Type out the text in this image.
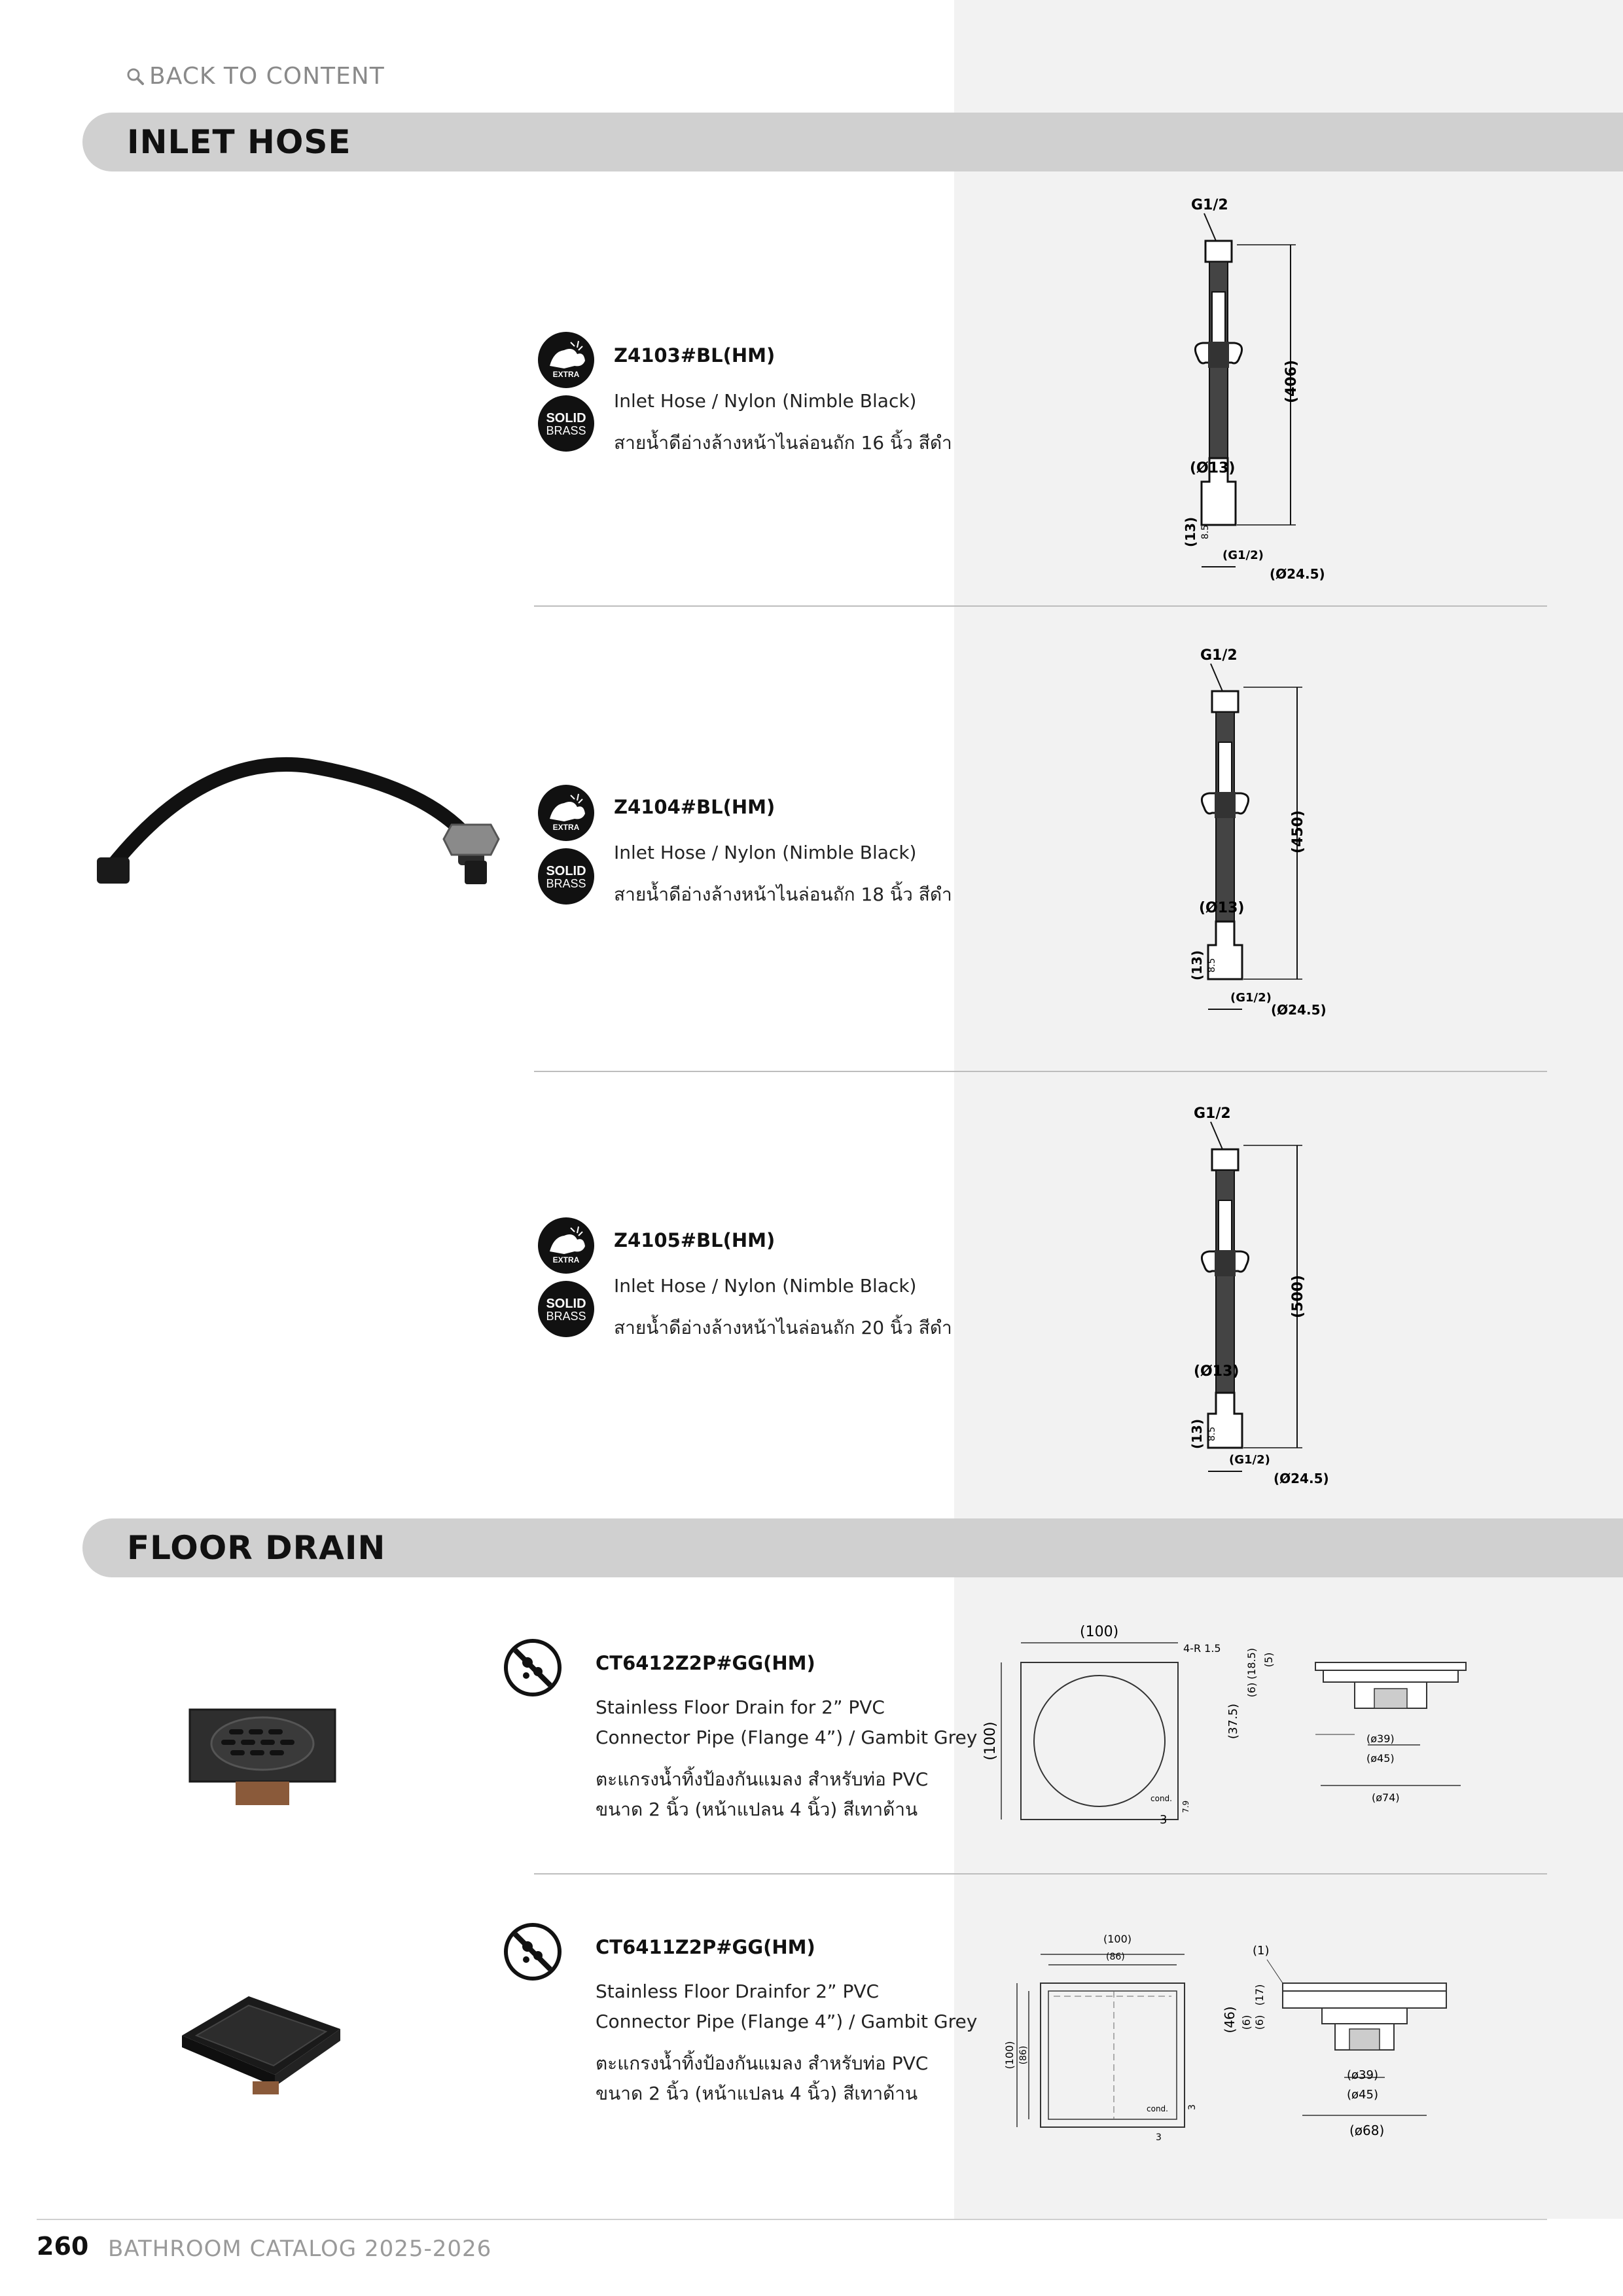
BACK TO CONTENT
INLET HOSE
EXTRA
SOLID
BRASS
Z4103#BL(HM)
Inlet Hose / Nylon (Nimble Black)
สายน้ำดีอ่างล้างหน้าไนล่อนถัก 16 นิ้ว สีดำ
G1/2
(406)
(Ø13)
(13) 8.5
(G1/2)
(Ø24.5)
EXTRA
SOLID
BRASS
Z4104#BL(HM)
Inlet Hose / Nylon (Nimble Black)
สายน้ำดีอ่างล้างหน้าไนล่อนถัก 18 นิ้ว สีดำ
G1/2
(450)
(Ø13)
(13) 8.5
(G1/2)
(Ø24.5)
EXTRA
SOLID
BRASS
Z4105#BL(HM)
Inlet Hose / Nylon (Nimble Black)
สายน้ำดีอ่างล้างหน้าไนล่อนถัก 20 นิ้ว สีดำ
G1/2
(500)
(Ø13)
(13) 8.5
(G1/2)
(Ø24.5)
FLOOR DRAIN
CT6412Z2P#GG(HM)
Stainless Floor Drain for 2” PVC
Connector Pipe (Flange 4”) / Gambit Grey
ตะแกรงน้ำทิ้งป้องกันแมลง สำหรับท่อ PVC
ขนาด 2 นิ้ว (หน้าแปลน 4 นิ้ว) สีเทาด้าน
(100)
(100)
4-R 1.5
cond.
3
7.9
(37.5)
(6)
(18.5) (5)
(ø39)
(ø45)
(ø74)
CT6411Z2P#GG(HM)
Stainless Floor Drainfor 2” PVC
Connector Pipe (Flange 4”) / Gambit Grey
ตะแกรงน้ำทิ้งป้องกันแมลง สำหรับท่อ PVC
ขนาด 2 นิ้ว (หน้าแปลน 4 นิ้ว) สีเทาด้าน
(100)
(86)
(100) (86)
cond. 3
3
(1)
(46) (6) (6)
(17)
(ø39)
(ø45)
(ø68)
260 BATHROOM CATALOG 2025-2026
